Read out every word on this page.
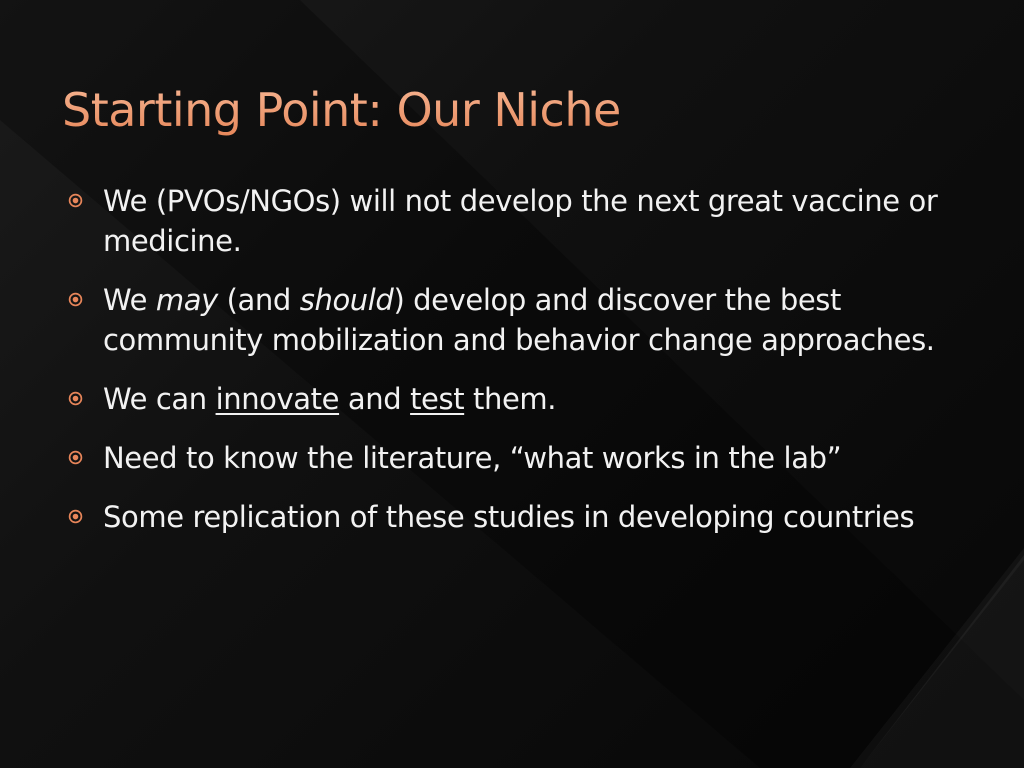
Starting Point: Our Niche
We (PVOs/NGOs) will not develop the next great vaccine or medicine.
We may (and should) develop and discover the best community mobilization and behavior change approaches.
We can innovate and test them.
Need to know the literature, “what works in the lab”
Some replication of these studies in developing countries
